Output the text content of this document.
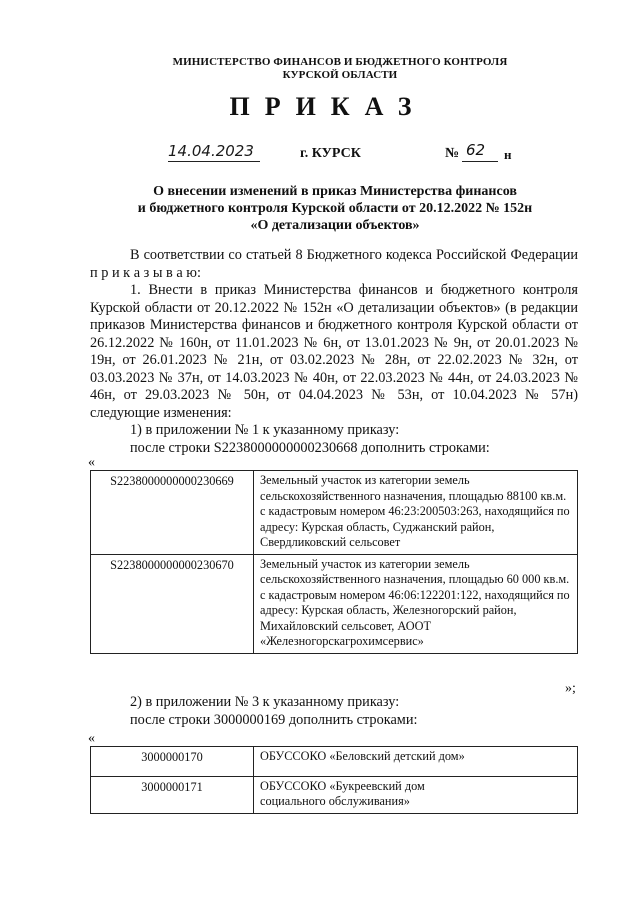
МИНИСТЕРСТВО ФИНАНСОВ И БЮДЖЕТНОГО КОНТРОЛЯ
КУРСКОЙ ОБЛАСТИ
ПРИКАЗ
14.04.2023	г. КУРСК	№ 62 н
О внесении изменений в приказ Министерства финансов
и бюджетного контроля Курской области от 20.12.2022 № 152н
«О детализации объектов»

В соответствии со статьей 8 Бюджетного кодекса Российской Федерации п р и к а з ы в а ю:

1. Внести в приказ Министерства финансов и бюджетного контроля Курской области от 20.12.2022 № 152н «О детализации объектов» (в редакции приказов Министерства финансов и бюджетного контроля Курской области от 26.12.2022 № 160н, от 11.01.2023 № 6н, от 13.01.2023 № 9н, от 20.01.2023 № 19н, от 26.01.2023 № 21н, от 03.02.2023 № 28н, от 22.02.2023 № 32н, от 03.03.2023 № 37н, от 14.03.2023 № 40н, от 22.03.2023 № 44н, от 24.03.2023 № 46н, от 29.03.2023 № 50н, от 04.04.2023 № 53н, от 10.04.2023 № 57н) следующие изменения:

1) в приложении № 1 к указанному приказу:

после строки S2238000000000230668 дополнить строками:

«
S2238000000000230669	Земельный участок из категории земель сельскохозяйственного назначения, площадью 88100 кв.м. с кадастровым номером 46:23:200503:263, находящийся по адресу: Курская область, Суджанский район, Свердликовский сельсовет

S2238000000000230670	Земельный участок из категории земель сельскохозяйственного назначения, площадью 60 000 кв.м. с кадастровым номером 46:06:122201:122, находящийся по адресу: Курская область, Железногорский район, Михайловский сельсовет, АООТ «Железногорскагрохимсервис»
»;

2) в приложении № 3 к указанному приказу:

после строки 3000000169 дополнить строками:

«
3000000170	ОБУССОКО «Беловский детский дом»

3000000171	ОБУССОКО «Букреевский дом социального обслуживания»
